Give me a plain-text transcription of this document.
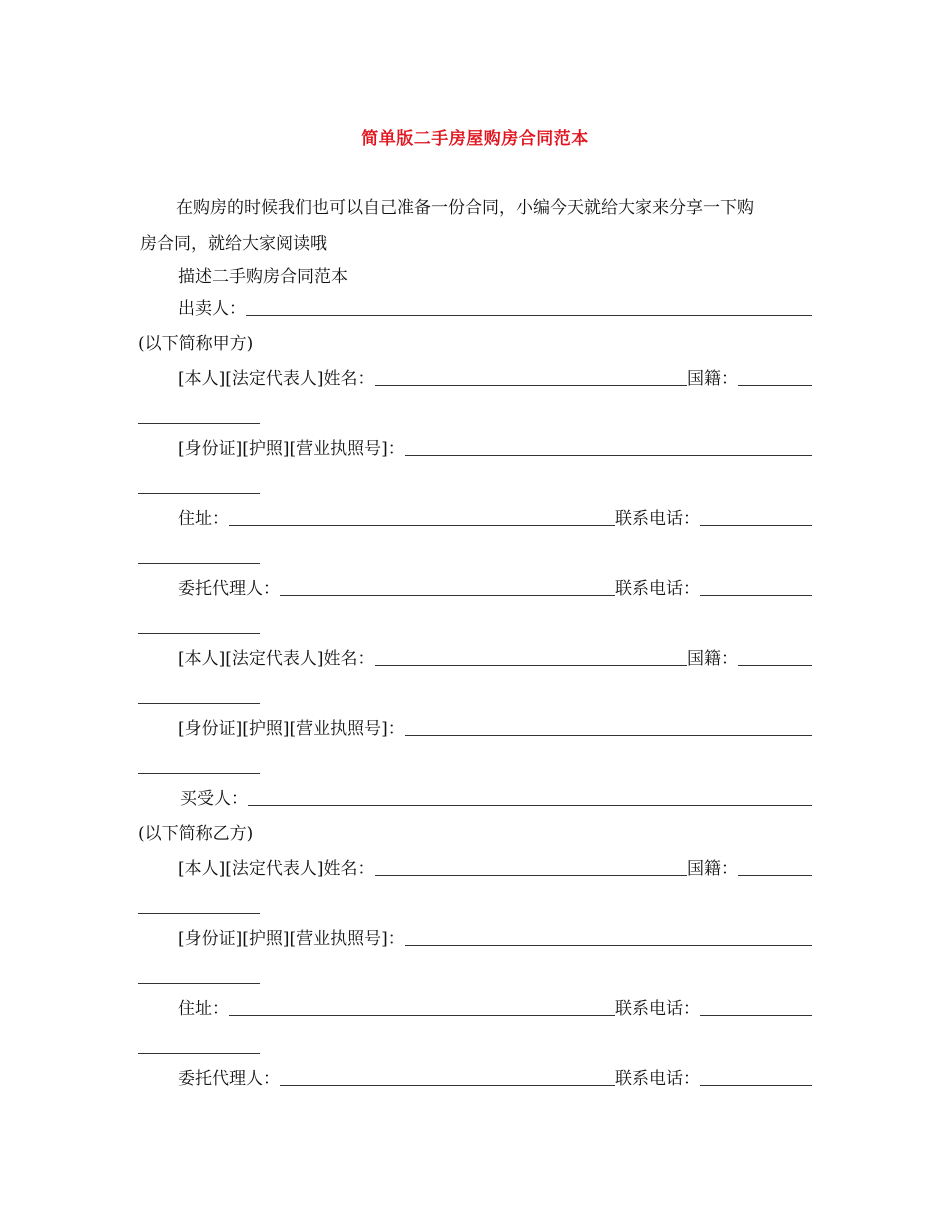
简单版二手房屋购房合同范本
在购房的时候我们也可以自己准备一份合同，小编今天就给大家来分享一下购
房合同，就给大家阅读哦
描述二手购房合同范本
出卖人：
(以下简称甲方)
[本人][法定代表人]姓名：	国籍：
[身份证][护照][营业执照号]：
住址：	联系电话：
委托代理人：	联系电话：
[本人][法定代表人]姓名：	国籍：
[身份证][护照][营业执照号]：
买受人：
(以下简称乙方)
[本人][法定代表人]姓名：	国籍：
[身份证][护照][营业执照号]：
住址：	联系电话：
委托代理人：	联系电话：
